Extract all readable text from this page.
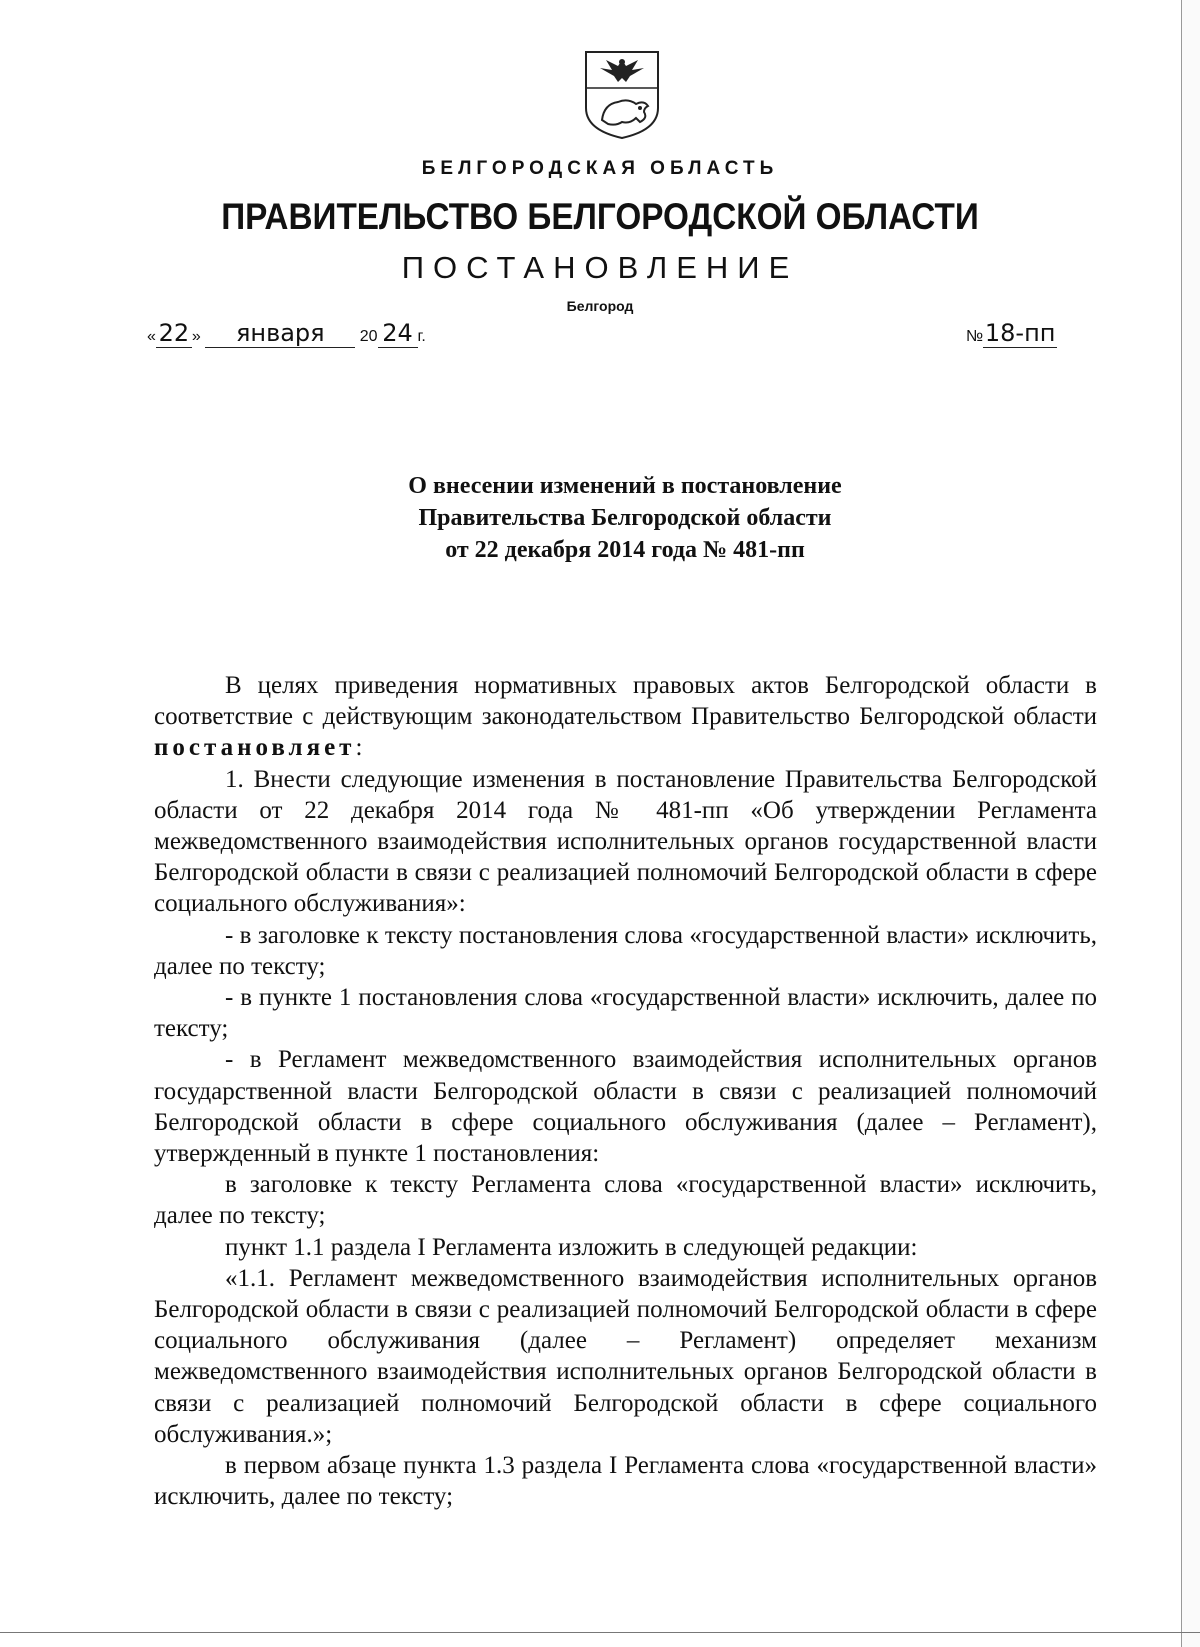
БЕЛГОРОДСКАЯ ОБЛАСТЬ
ПРАВИТЕЛЬСТВО БЕЛГОРОДСКОЙ ОБЛАСТИ
ПОСТАНОВЛЕНИЕ
Белгород
« 22 » января 20 24 г.	№18-пп
О внесении изменений в постановление
Правительства Белгородской области
от 22 декабря 2014 года № 481-пп

В целях приведения нормативных правовых актов Белгородской области в соответствие с действующим законодательством Правительство Белгородской области постановляет:

1. Внести следующие изменения в постановление Правительства Белгородской области от 22 декабря 2014 года № 481-пп «Об утверждении Регламента межведомственного взаимодействия исполнительных органов государственной власти Белгородской области в связи с реализацией полномочий Белгородской области в сфере социального обслуживания»:

- в заголовке к тексту постановления слова «государственной власти» исключить, далее по тексту;

- в пункте 1 постановления слова «государственной власти» исключить, далее по тексту;

- в Регламент межведомственного взаимодействия исполнительных органов государственной власти Белгородской области в связи с реализацией полномочий Белгородской области в сфере социального обслуживания (далее – Регламент), утвержденный в пункте 1 постановления:

в заголовке к тексту Регламента слова «государственной власти» исключить, далее по тексту;

пункт 1.1 раздела I Регламента изложить в следующей редакции:

«1.1. Регламент межведомственного взаимодействия исполнительных органов Белгородской области в связи с реализацией полномочий Белгородской области в сфере социального обслуживания (далее – Регламент) определяет механизм межведомственного взаимодействия исполнительных органов Белгородской области в связи с реализацией полномочий Белгородской области в сфере социального обслуживания.»;

в первом абзаце пункта 1.3 раздела I Регламента слова «государственной власти» исключить, далее по тексту;
